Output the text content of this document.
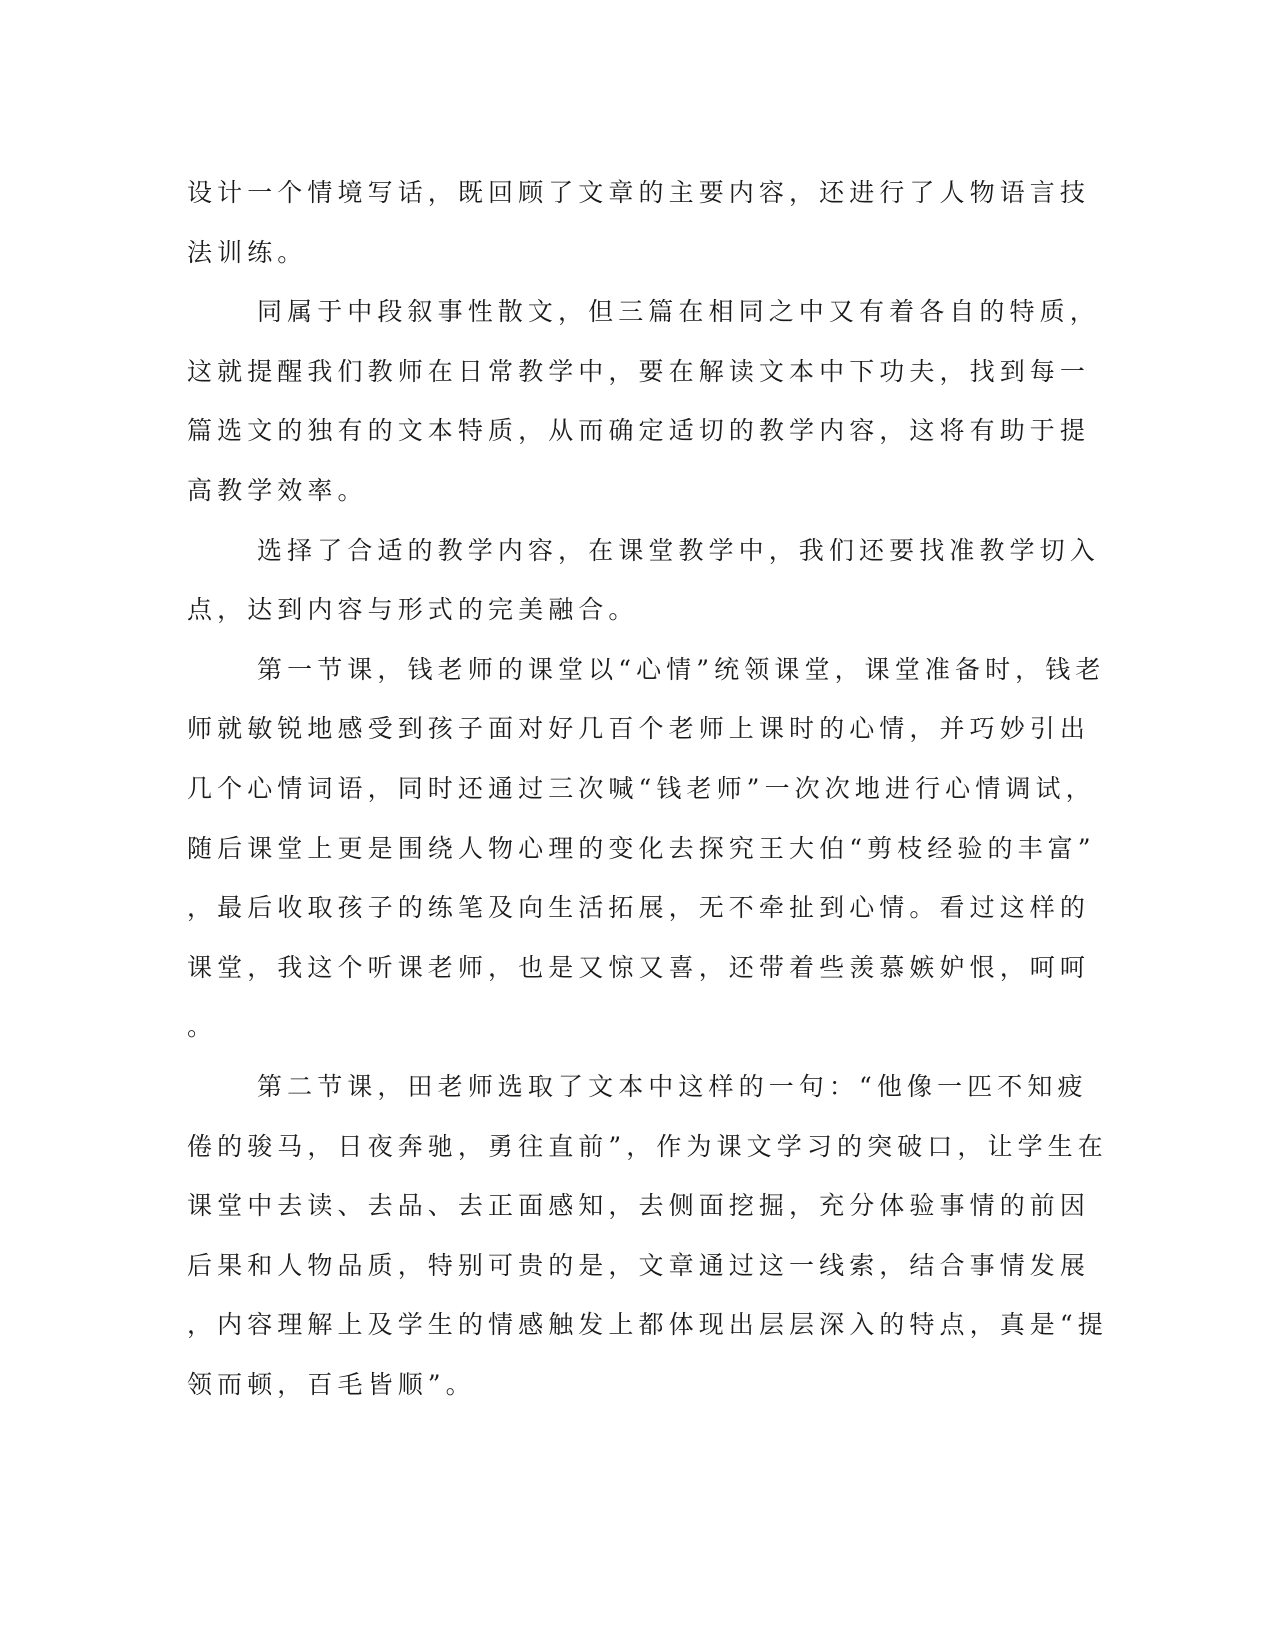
设计一个情境写话，既回顾了文章的主要内容，还进行了人物语言技
法训练。

同属于中段叙事性散文，但三篇在相同之中又有着各自的特质，
这就提醒我们教师在日常教学中，要在解读文本中下功夫，找到每一
篇选文的独有的文本特质，从而确定适切的教学内容，这将有助于提
高教学效率。

选择了合适的教学内容，在课堂教学中，我们还要找准教学切入
点，达到内容与形式的完美融合。

第一节课，钱老师的课堂以“心情”统领课堂，课堂准备时，钱老
师就敏锐地感受到孩子面对好几百个老师上课时的心情，并巧妙引出
几个心情词语，同时还通过三次喊“钱老师”一次次地进行心情调试，
随后课堂上更是围绕人物心理的变化去探究王大伯“剪枝经验的丰富”
，最后收取孩子的练笔及向生活拓展，无不牵扯到心情。看过这样的
课堂，我这个听课老师，也是又惊又喜，还带着些羡慕嫉妒恨，呵呵
。

第二节课，田老师选取了文本中这样的一句：“他像一匹不知疲
倦的骏马，日夜奔驰，勇往直前”，作为课文学习的突破口，让学生在
课堂中去读、去品、去正面感知，去侧面挖掘，充分体验事情的前因
后果和人物品质，特别可贵的是，文章通过这一线索，结合事情发展
，内容理解上及学生的情感触发上都体现出层层深入的特点，真是“提
领而顿，百毛皆顺”。
